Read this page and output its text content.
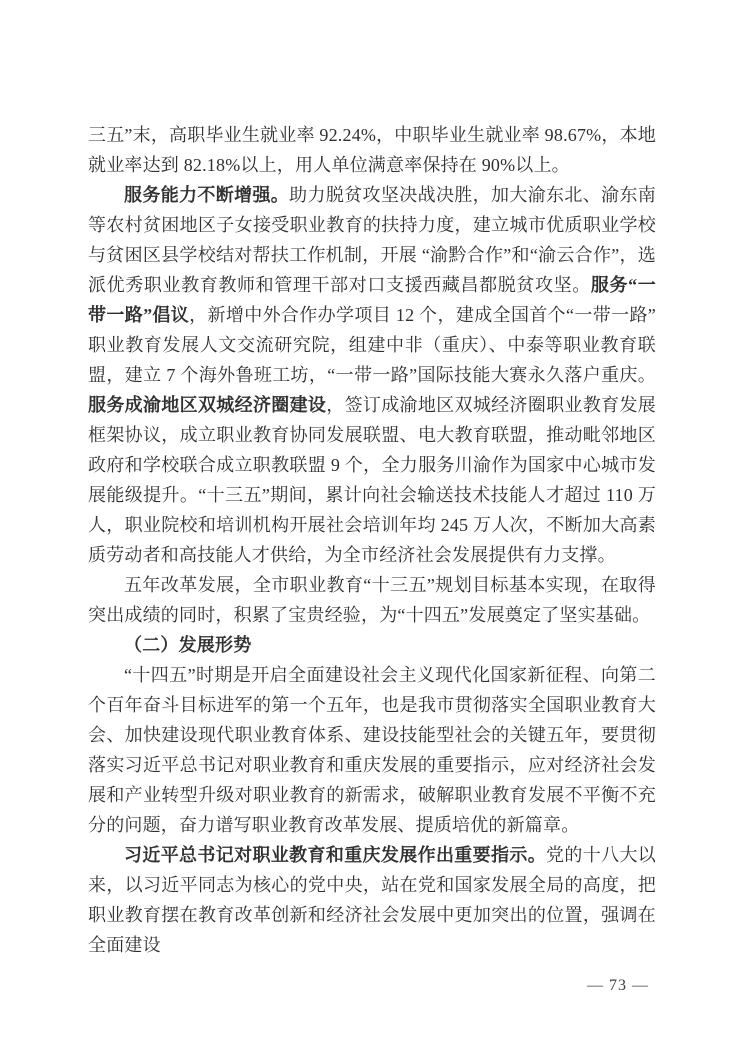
三五”末，高职毕业生就业率 92.24%，中职毕业生就业率 98.67%，本地就业率达到 82.18%以上，用人单位满意率保持在 90%以上。

服务能力不断增强。助力脱贫攻坚决战决胜，加大渝东北、渝东南等农村贫困地区子女接受职业教育的扶持力度，建立城市优质职业学校与贫困区县学校结对帮扶工作机制，开展 “渝黔合作”和“渝云合作”，选派优秀职业教育教师和管理干部对口支援西藏昌都脱贫攻坚。服务“一带一路”倡议，新增中外合作办学项目 12 个，建成全国首个“一带一路”职业教育发展人文交流研究院，组建中非（重庆）、中泰等职业教育联盟，建立 7 个海外鲁班工坊，“一带一路”国际技能大赛永久落户重庆。服务成渝地区双城经济圈建设，签订成渝地区双城经济圈职业教育发展框架协议，成立职业教育协同发展联盟、电大教育联盟，推动毗邻地区政府和学校联合成立职教联盟 9 个，全力服务川渝作为国家中心城市发展能级提升。“十三五”期间，累计向社会输送技术技能人才超过 110 万人，职业院校和培训机构开展社会培训年均 245 万人次，不断加大高素质劳动者和高技能人才供给，为全市经济社会发展提供有力支撑。

五年改革发展，全市职业教育“十三五”规划目标基本实现，在取得突出成绩的同时，积累了宝贵经验，为“十四五”发展奠定了坚实基础。

（二）发展形势

“十四五”时期是开启全面建设社会主义现代化国家新征程、向第二个百年奋斗目标进军的第一个五年，也是我市贯彻落实全国职业教育大会、加快建设现代职业教育体系、建设技能型社会的关键五年，要贯彻落实习近平总书记对职业教育和重庆发展的重要指示，应对经济社会发展和产业转型升级对职业教育的新需求，破解职业教育发展不平衡不充分的问题，奋力谱写职业教育改革发展、提质培优的新篇章。

习近平总书记对职业教育和重庆发展作出重要指示。党的十八大以来，以习近平同志为核心的党中央，站在党和国家发展全局的高度，把职业教育摆在教育改革创新和经济社会发展中更加突出的位置，强调在全面建设

— 73 —
